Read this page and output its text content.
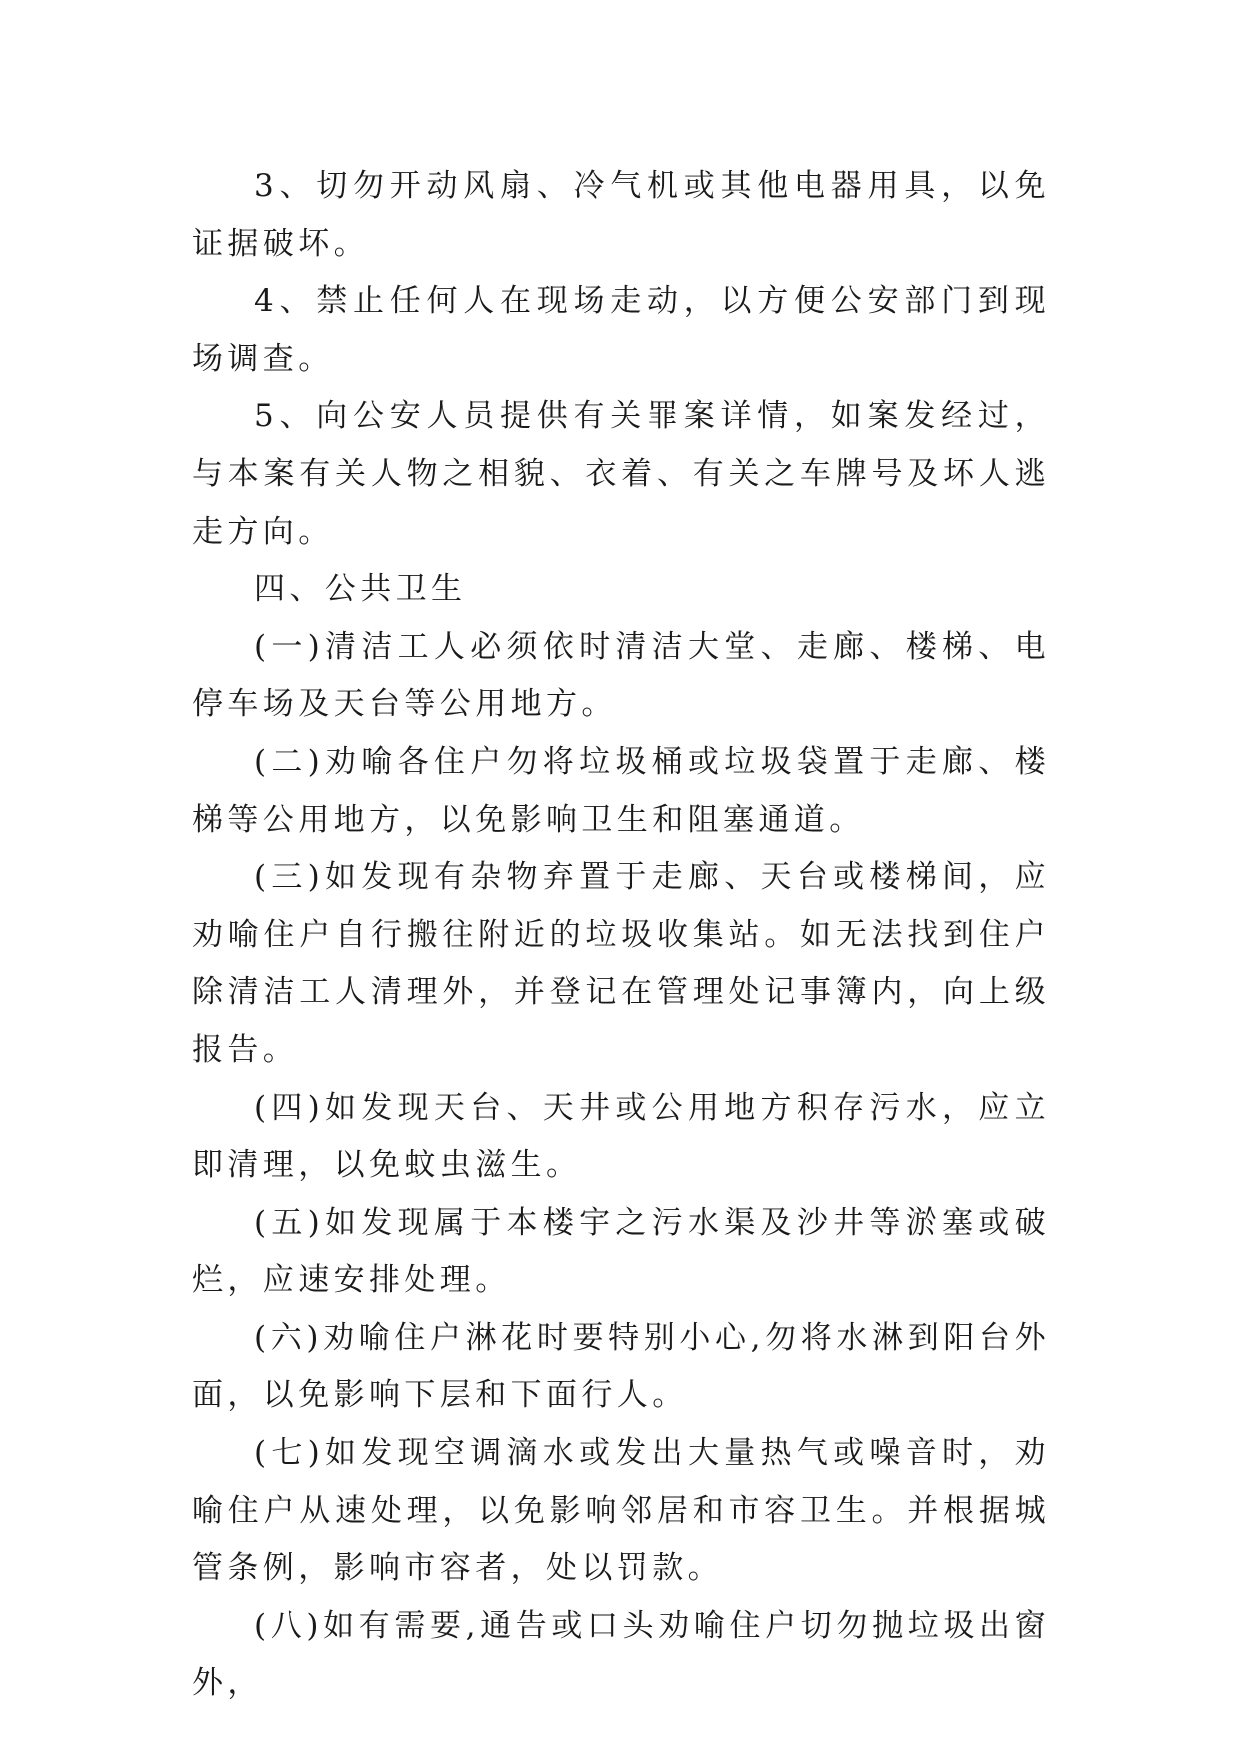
3、切勿开动风扇、冷气机或其他电器用具，以免证据破坏。

4、禁止任何人在现场走动，以方便公安部门到现场调查。

5、向公安人员提供有关罪案详情，如案发经过，与本案有关人物之相貌、衣着、有关之车牌号及坏人逃走方向。

四、公共卫生

(一)清洁工人必须依时清洁大堂、走廊、楼梯、电停车场及天台等公用地方。

(二)劝喻各住户勿将垃圾桶或垃圾袋置于走廊、楼梯等公用地方，以免影响卫生和阻塞通道。

(三)如发现有杂物弃置于走廊、天台或楼梯间，应劝喻住户自行搬往附近的垃圾收集站。如无法找到住户除清洁工人清理外，并登记在管理处记事簿内，向上级报告。

(四)如发现天台、天井或公用地方积存污水，应立即清理，以免蚊虫滋生。

(五)如发现属于本楼宇之污水渠及沙井等淤塞或破烂，应速安排处理。

(六)劝喻住户淋花时要特别小心,勿将水淋到阳台外面，以免影响下层和下面行人。

(七)如发现空调滴水或发出大量热气或噪音时，劝喻住户从速处理，以免影响邻居和市容卫生。并根据城管条例，影响市容者，处以罚款。

(八)如有需要,通告或口头劝喻住户切勿抛垃圾出窗外，
